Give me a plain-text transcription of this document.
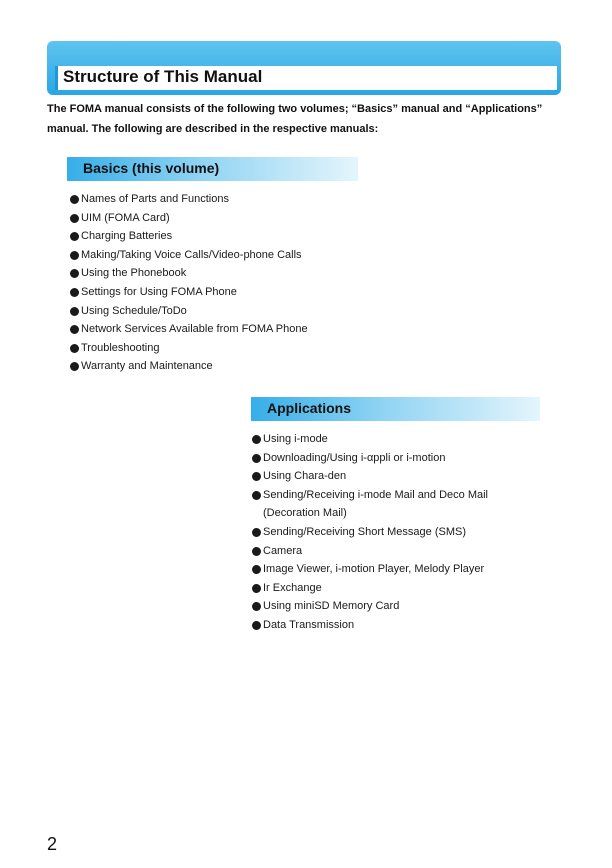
Structure of This Manual
The FOMA manual consists of the following two volumes; “Basics” manual and “Applications” manual. The following are described in the respective manuals:
Basics (this volume)
Names of Parts and Functions
UIM (FOMA Card)
Charging Batteries
Making/Taking Voice Calls/Video-phone Calls
Using the Phonebook
Settings for Using FOMA Phone
Using Schedule/ToDo
Network Services Available from FOMA Phone
Troubleshooting
Warranty and Maintenance
Applications
Using i-mode
Downloading/Using i-αppli or i-motion
Using Chara-den
Sending/Receiving i-mode Mail and Deco Mail
(Decoration Mail)
Sending/Receiving Short Message (SMS)
Camera
Image Viewer, i-motion Player, Melody Player
Ir Exchange
Using miniSD Memory Card
Data Transmission
2
